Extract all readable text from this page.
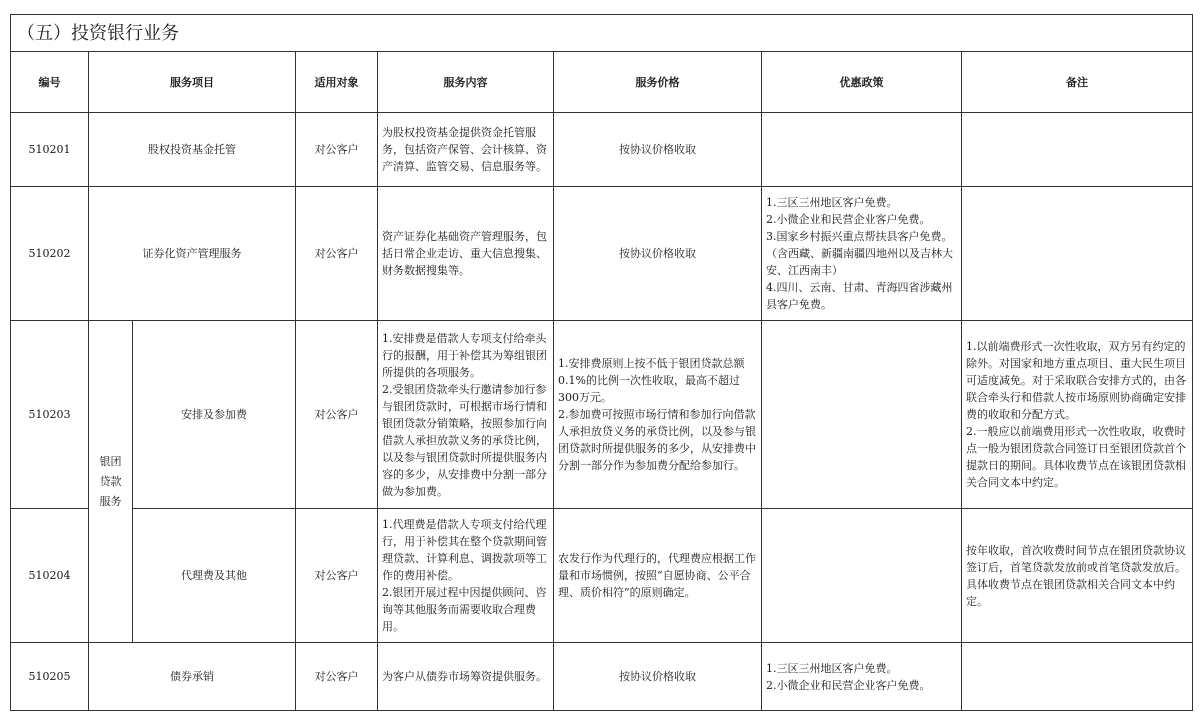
（五）投资银行业务							
编号	服务项目		适用对象	服务内容	服务价格	优惠政策	备注
510201	股权投资基金托管		对公客户	为股权投资基金提供资金托管服务，包括资产保管、会计核算、资产清算、监管交易、信息服务等。	按协议价格收取		
510202	证券化资产管理服务		对公客户	资产证券化基础资产管理服务，包括日常企业走访、重大信息搜集、财务数据搜集等。	按协议价格收取	1.三区三州地区客户免费。
2.小微企业和民营企业客户免费。
3.国家乡村振兴重点帮扶县客户免费。（含西藏、新疆南疆四地州以及吉林大安、江西南丰）
4.四川、云南、甘肃、青海四省涉藏州县客户免费。	
510203	银团
贷款
服务	安排及参加费	对公客户	1.安排费是借款人专项支付给牵头行的报酬，用于补偿其为筹组银团所提供的各项服务。
2.受银团贷款牵头行邀请参加行参与银团贷款时，可根据市场行情和银团贷款分销策略，按照参加行向借款人承担放款义务的承贷比例，以及参与银团贷款时所提供服务内容的多少，从安排费中分割一部分做为参加费。	1.安排费原则上按不低于银团贷款总额0.1%的比例一次性收取，最高不超过300万元。
2.参加费可按照市场行情和参加行向借款人承担放贷义务的承贷比例，以及参与银团贷款时所提供服务的多少，从安排费中分割一部分作为参加费分配给参加行。		1.以前端费形式一次性收取，双方另有约定的除外。对国家和地方重点项目、重大民生项目可适度减免。对于采取联合安排方式的，由各联合牵头行和借款人按市场原则协商确定安排费的收取和分配方式。
2.一般应以前端费用形式一次性收取，收费时点一般为银团贷款合同签订日至银团贷款首个提款日的期间。具体收费节点在该银团贷款相关合同文本中约定。
510204		代理费及其他	对公客户	1.代理费是借款人专项支付给代理行，用于补偿其在整个贷款期间管理贷款、计算利息、调拨款项等工作的费用补偿。
2.银团开展过程中因提供顾问、咨询等其他服务而需要收取合理费用。	农发行作为代理行的，代理费应根据工作量和市场惯例，按照“自愿协商、公平合理、质价相符”的原则确定。		按年收取，首次收费时间节点在银团贷款协议签订后，首笔贷款发放前或首笔贷款发放后。具体收费节点在银团贷款相关合同文本中约定。
510205	债券承销		对公客户	为客户从债券市场筹资提供服务。	按协议价格收取	1.三区三州地区客户免费。
2.小微企业和民营企业客户免费。	
